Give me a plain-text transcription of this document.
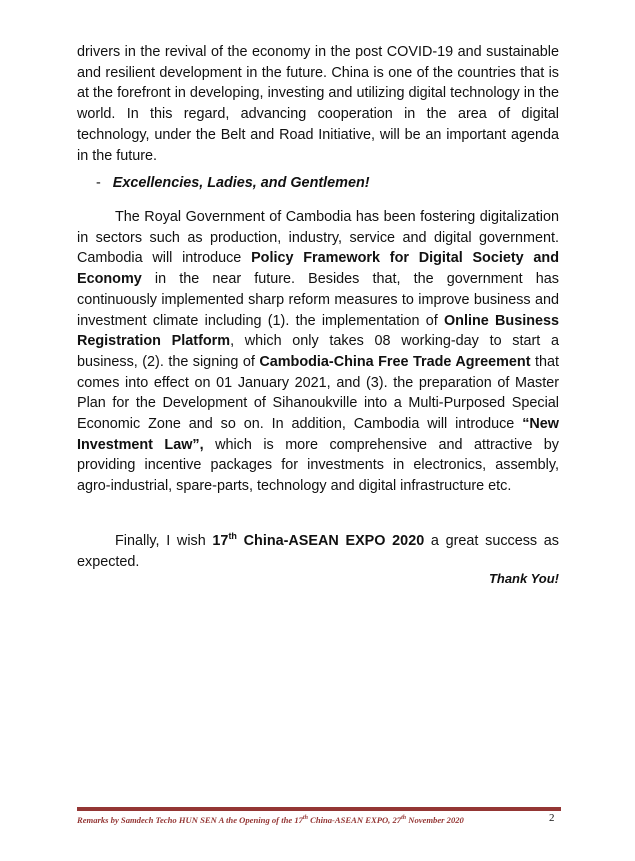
drivers in the revival of the economy in the post COVID-19 and sustainable and resilient development in the future. China is one of the countries that is at the forefront in developing, investing and utilizing digital technology in the world. In this regard, advancing cooperation in the area of digital technology, under the Belt and Road Initiative, will be an important agenda in the future.

- Excellencies, Ladies, and Gentlemen!

The Royal Government of Cambodia has been fostering digitalization in sectors such as production, industry, service and digital government. Cambodia will introduce Policy Framework for Digital Society and Economy in the near future. Besides that, the government has continuously implemented sharp reform measures to improve business and investment climate including (1). the implementation of Online Business Registration Platform, which only takes 08 working-day to start a business, (2). the signing of Cambodia-China Free Trade Agreement that comes into effect on 01 January 2021, and (3). the preparation of Master Plan for the Development of Sihanoukville into a Multi-Purposed Special Economic Zone and so on. In addition, Cambodia will introduce “New Investment Law”, which is more comprehensive and attractive by providing incentive packages for investments in electronics, assembly, agro-industrial, spare-parts, technology and digital infrastructure etc.

Finally, I wish 17th China-ASEAN EXPO 2020 a great success as expected.

Thank You!

Remarks by Samdech Techo HUN SEN A the Opening of the 17th China-ASEAN EXPO, 27th November 2020	2
